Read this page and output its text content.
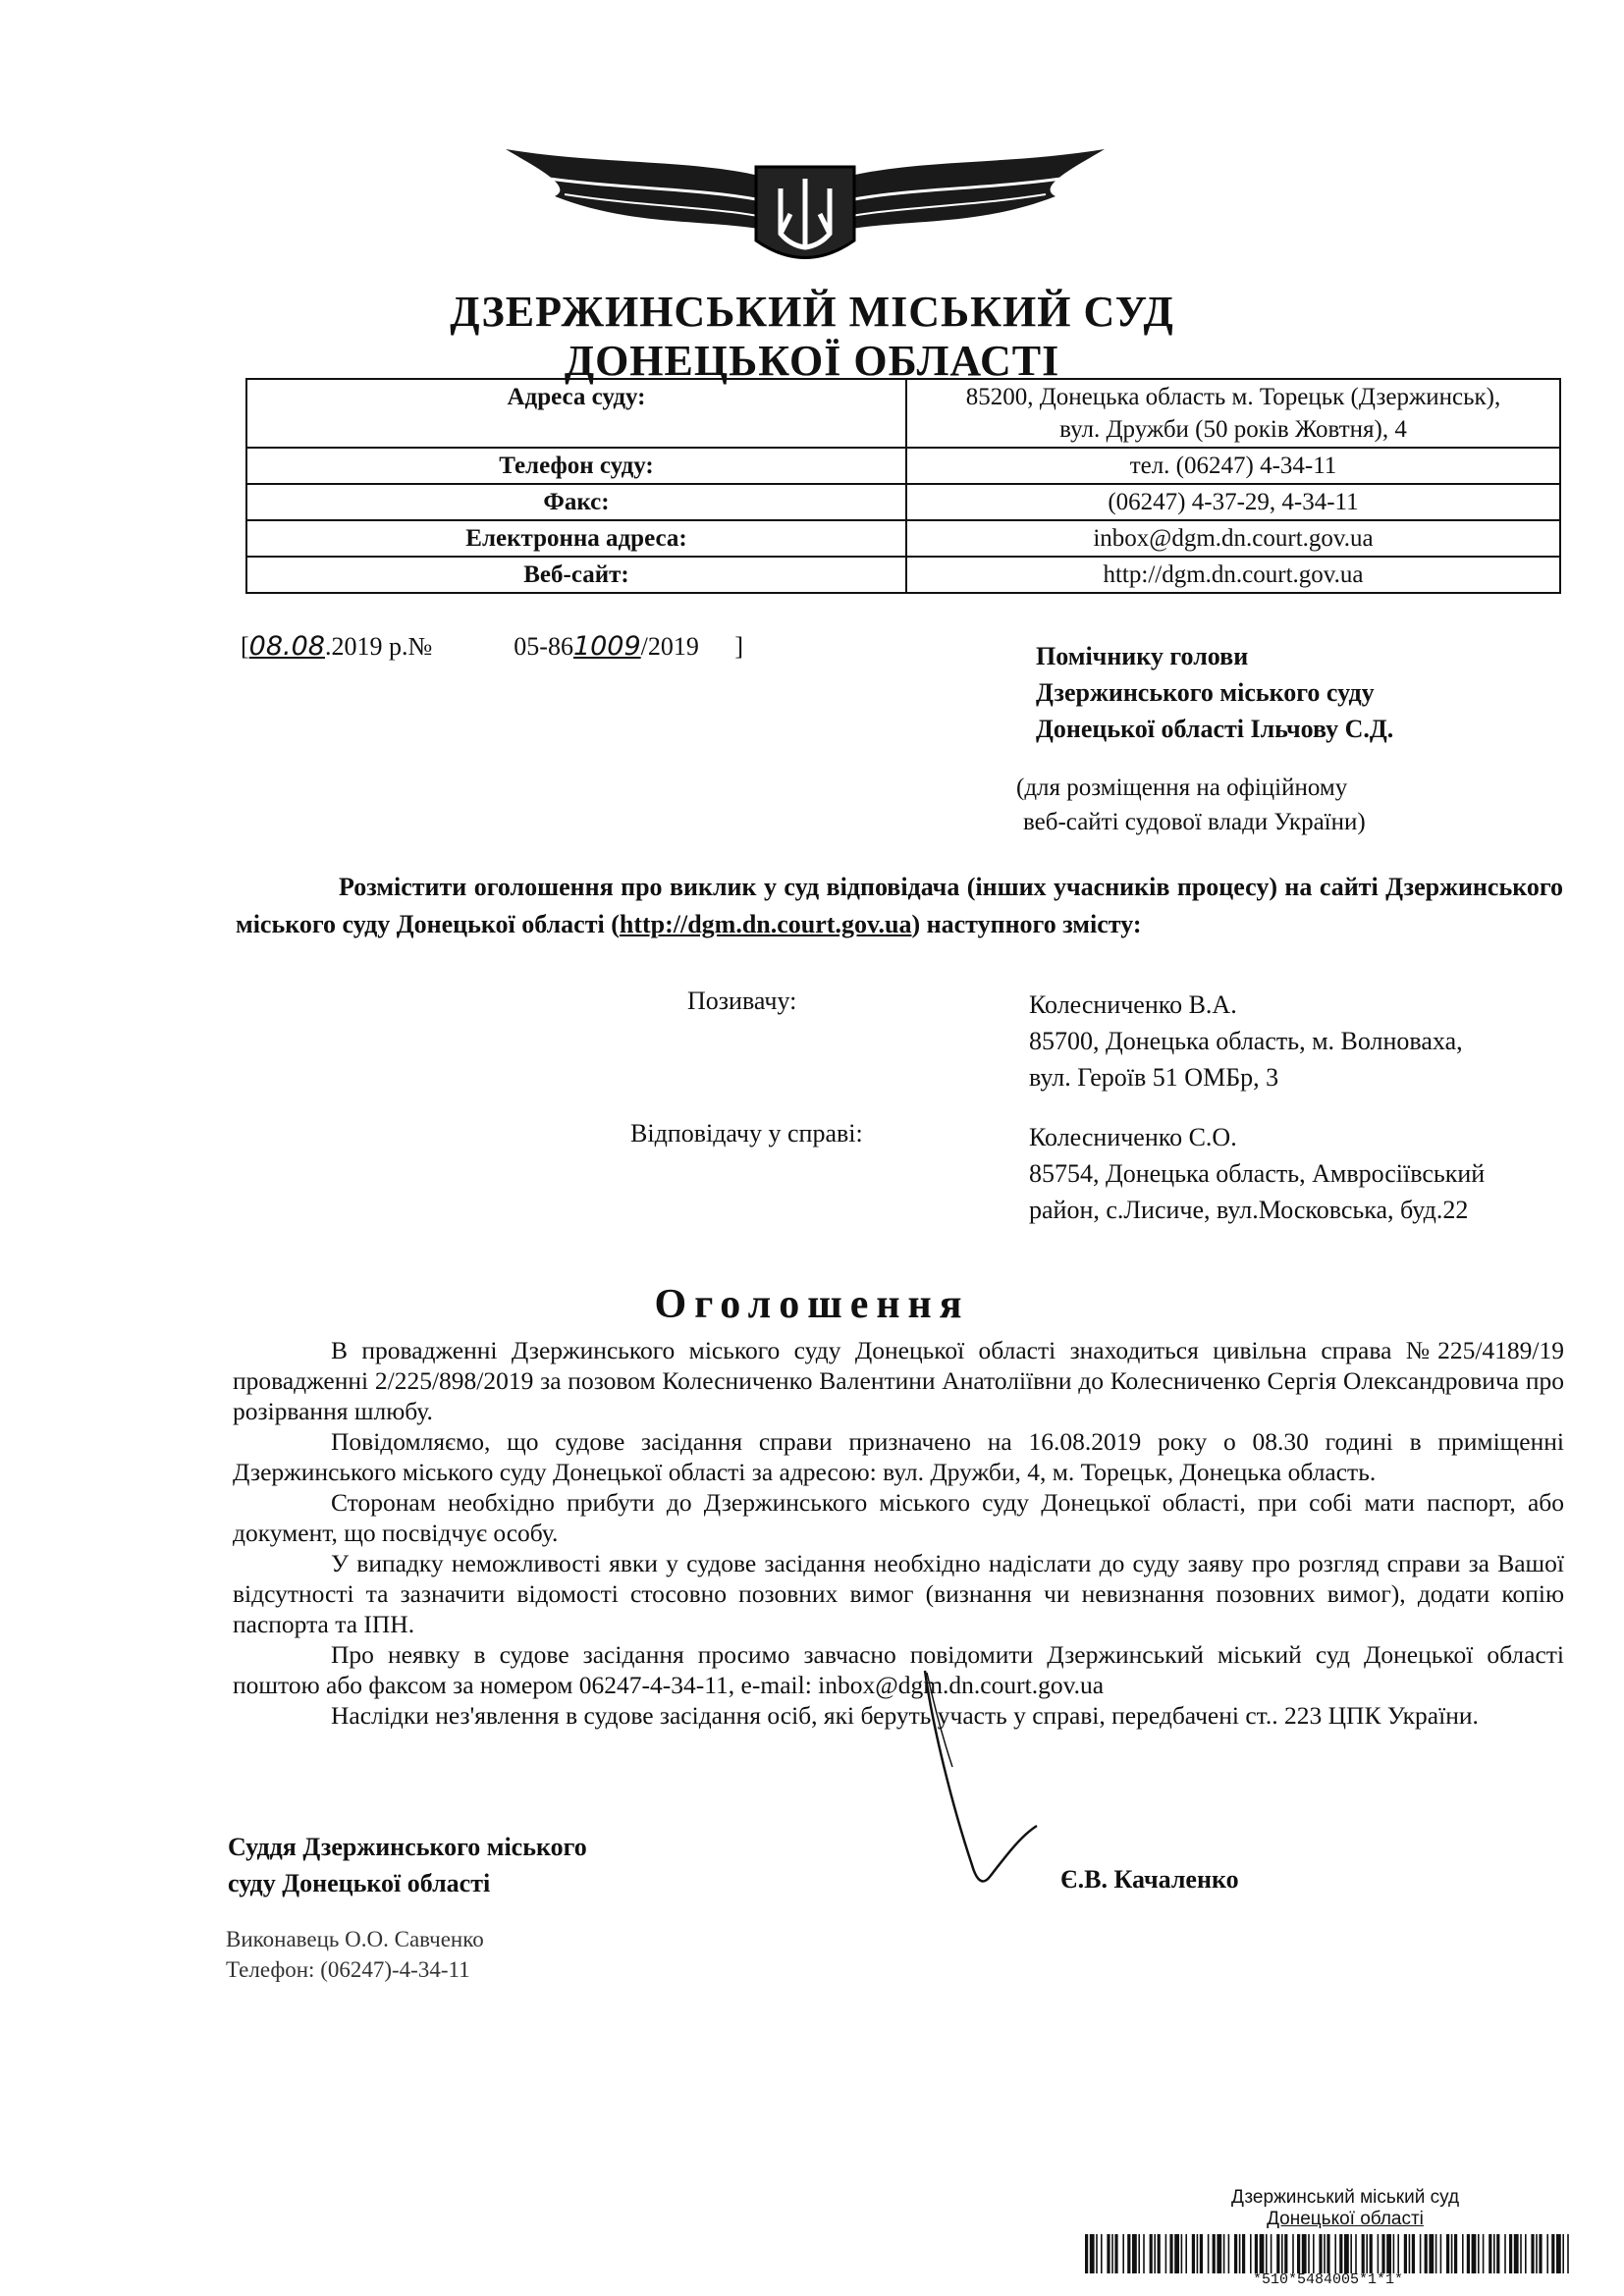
ДЗЕРЖИНСЬКИЙ МІСЬКИЙ СУД
ДОНЕЦЬКОЇ ОБЛАСТІ
Адреса суду:	85200, Донецька область м. Торецьк (Дзержинськ),
вул. Дружби (50 років Жовтня), 4

Телефон суду:	тел. (06247) 4-34-11
Факс:	(06247) 4-37-29, 4-34-11
Електронна адреса:	inbox@dgm.dn.court.gov.ua
Веб-сайт:	http://dgm.dn.court.gov.ua
[08.08.2019 р.№	05-861009/2019 ]	Помічнику голови
Дзержинського міського суду
Донецької області Ільчову С.Д.
(для розміщення на офіційному
веб-сайті судової влади України)
Розмістити оголошення про виклик у суд відповідача (інших учасників процесу) на сайті Дзержинського міського суду Донецької області (http://dgm.dn.court.gov.ua) наступного змісту:
Позивачу:	Колесниченко В.А.
85700, Донецька область, м. Волноваха,
вул. Героїв 51 ОМБр, 3
Відповідачу у справі:	Колесниченко С.О.
85754, Донецька область, Амвросіївський
район, с.Лисиче, вул.Московська, буд.22
Оголошення

В провадженні Дзержинського міського суду Донецької області знаходиться цивільна справа №225/4189/19 провадженні 2/225/898/2019 за позовом Колесниченко Валентини Анатоліївни до Колесниченко Сергія Олександровича про розірвання шлюбу.

Повідомляємо, що судове засідання справи призначено на 16.08.2019 року о 08.30 годині в приміщенні Дзержинського міського суду Донецької області за адресою: вул. Дружби, 4, м. Торецьк, Донецька область.

Сторонам необхідно прибути до Дзержинського міського суду Донецької області, при собі мати паспорт, або документ, що посвідчує особу.

У випадку неможливості явки у судове засідання необхідно надіслати до суду заяву про розгляд справи за Вашої відсутності та зазначити відомості стосовно позовних вимог (визнання чи невизнання позовних вимог), додати копію паспорта та ІПН.

Про неявку в судове засідання просимо завчасно повідомити Дзержинський міський суд Донецької області поштою або факсом за номером 06247-4-34-11, e-mail: inbox@dgm.dn.court.gov.ua

Наслідки нез'явлення в судове засідання осіб, які беруть участь у справі, передбачені ст.. 223 ЦПК України.

Суддя Дзержинського міського
суду Донецької області	Є.В. Качаленко
Виконавець О.О. Савченко
Телефон: (06247)-4-34-11
Дзержинський міський суд
Донецької області
*510*5484005*1*1*
